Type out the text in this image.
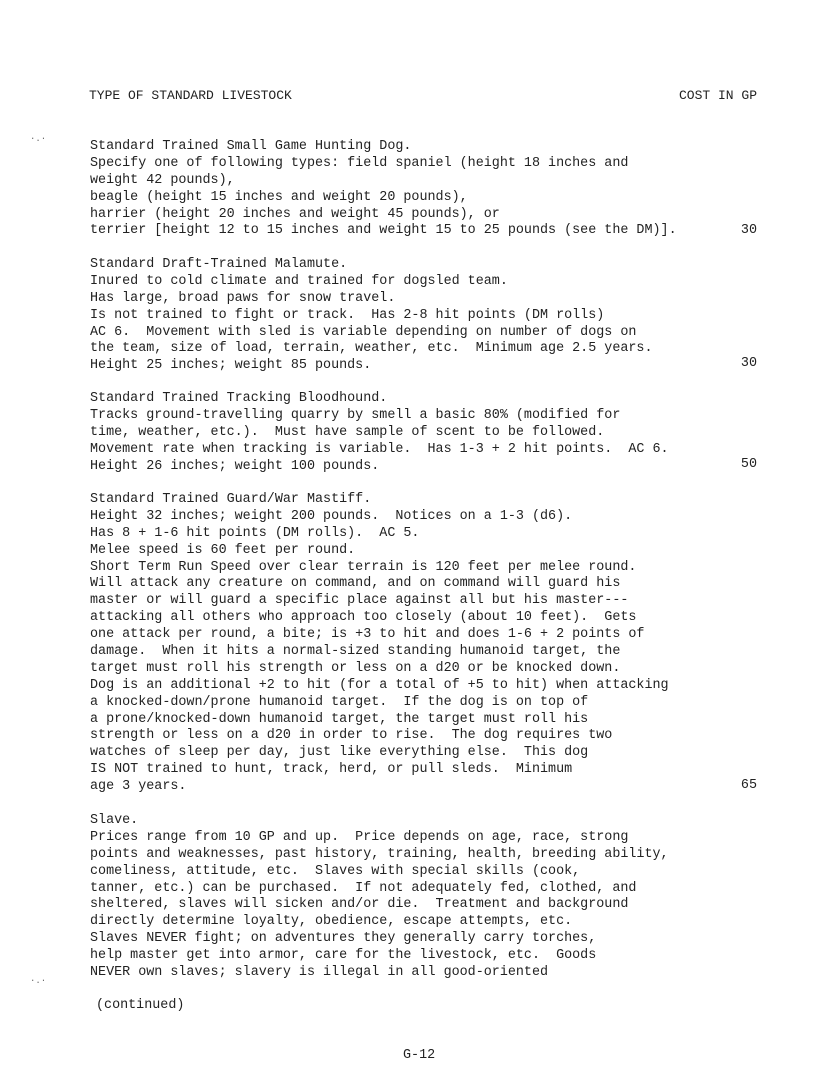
·.·
·.·
TYPE OF STANDARD LIVESTOCK	COST IN GP
Standard Trained Small Game Hunting Dog.
Specify one of following types: field spaniel (height 18 inches and
weight 42 pounds),
beagle (height 15 inches and weight 20 pounds),
harrier (height 20 inches and weight 45 pounds), or
terrier [height 12 to 15 inches and weight 15 to 25 pounds (see the DM)].	30
Standard Draft-Trained Malamute.
Inured to cold climate and trained for dogsled team.
Has large, broad paws for snow travel.
Is not trained to fight or track.  Has 2-8 hit points (DM rolls)
AC 6.  Movement with sled is variable depending on number of dogs on
the team, size of load, terrain, weather, etc.  Minimum age 2.5 years.
Height 25 inches; weight 85 pounds.	30
Standard Trained Tracking Bloodhound.
Tracks ground-travelling quarry by smell a basic 80% (modified for
time, weather, etc.).  Must have sample of scent to be followed.
Movement rate when tracking is variable.  Has 1-3 + 2 hit points.  AC 6.
Height 26 inches; weight 100 pounds.	50
Standard Trained Guard/War Mastiff.
Height 32 inches; weight 200 pounds.  Notices on a 1-3 (d6).
Has 8 + 1-6 hit points (DM rolls).  AC 5.
Melee speed is 60 feet per round.
Short Term Run Speed over clear terrain is 120 feet per melee round.
Will attack any creature on command, and on command will guard his
master or will guard a specific place against all but his master---
attacking all others who approach too closely (about 10 feet).  Gets
one attack per round, a bite; is +3 to hit and does 1-6 + 2 points of
damage.  When it hits a normal-sized standing humanoid target, the
target must roll his strength or less on a d20 or be knocked down.
Dog is an additional +2 to hit (for a total of +5 to hit) when attacking
a knocked-down/prone humanoid target.  If the dog is on top of
a prone/knocked-down humanoid target, the target must roll his
strength or less on a d20 in order to rise.  The dog requires two
watches of sleep per day, just like everything else.  This dog
IS NOT trained to hunt, track, herd, or pull sleds.  Minimum
age 3 years.	65
Slave.
Prices range from 10 GP and up.  Price depends on age, race, strong
points and weaknesses, past history, training, health, breeding ability,
comeliness, attitude, etc.  Slaves with special skills (cook,
tanner, etc.) can be purchased.  If not adequately fed, clothed, and
sheltered, slaves will sicken and/or die.  Treatment and background
directly determine loyalty, obedience, escape attempts, etc.
Slaves NEVER fight; on adventures they generally carry torches,
help master get into armor, care for the livestock, etc.  Goods
NEVER own slaves; slavery is illegal in all good-oriented
(continued)
G-12
